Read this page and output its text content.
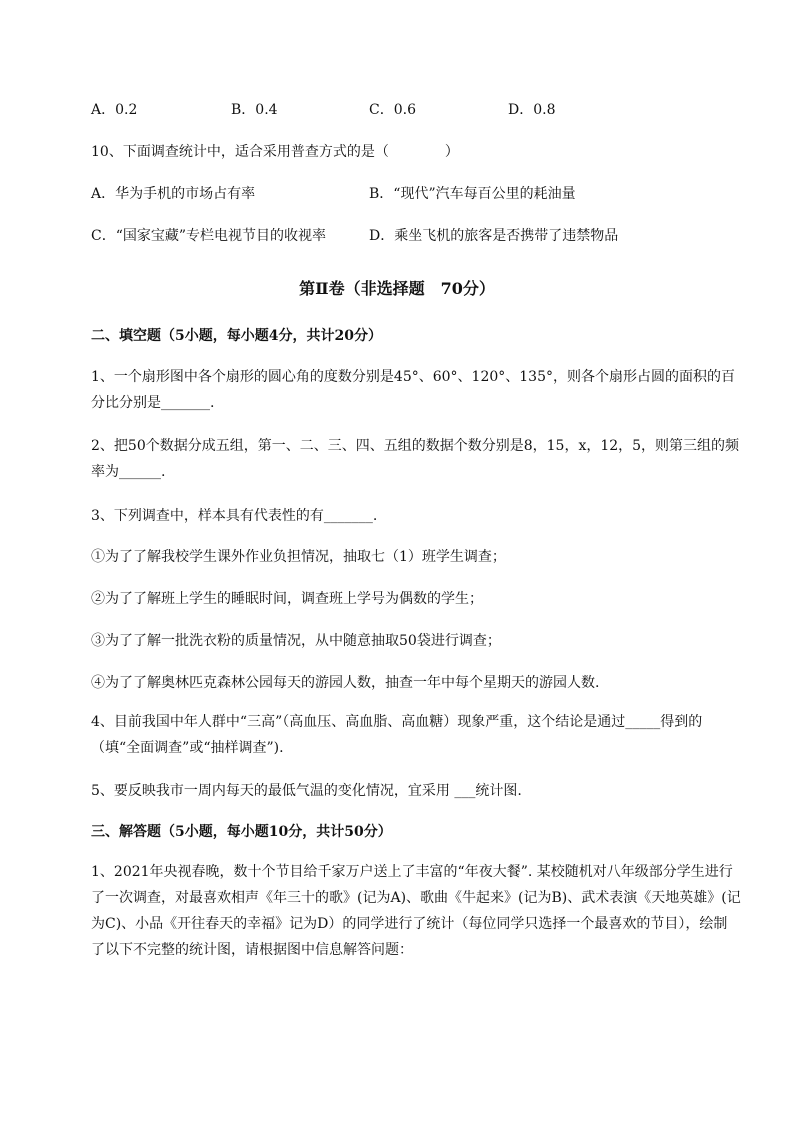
A．0.2	B．0.4	C．0.6	D．0.8
10、下面调查统计中，适合采用普查方式的是（　　　　）
A．华为手机的市场占有率	B．“现代”汽车每百公里的耗油量
C．“国家宝藏”专栏电视节目的收视率	D．乘坐飞机的旅客是否携带了违禁物品
第Ⅱ卷（非选择题　70分）
二、填空题（5小题，每小题4分，共计20分）
1、一个扇形图中各个扇形的圆心角的度数分别是45°、60°、120°、135°，则各个扇形占圆的面积的百分比分别是_______.
2、把50个数据分成五组，第一、二、三、四、五组的数据个数分别是8，15，x，12，5，则第三组的频率为______.
3、下列调查中，样本具有代表性的有_______.
①为了了解我校学生课外作业负担情况，抽取七（1）班学生调查；
②为了了解班上学生的睡眠时间，调查班上学号为偶数的学生；
③为了了解一批洗衣粉的质量情况，从中随意抽取50袋进行调查；
④为了了解奥林匹克森林公园每天的游园人数，抽查一年中每个星期天的游园人数.
4、目前我国中年人群中“三高”（高血压、高血脂、高血糖）现象严重，这个结论是通过_____得到的（填“全面调查”或“抽样调查”).
5、要反映我市一周内每天的最低气温的变化情况，宜采用 ___统计图.
三、解答题（5小题，每小题10分，共计50分）
1、2021年央视春晚，数十个节目给千家万户送上了丰富的“年夜大餐”. 某校随机对八年级部分学生进行了一次调查，对最喜欢相声《年三十的歌》(记为A)、歌曲《牛起来》(记为B)、武术表演《天地英雄》(记为C)、小品《开往春天的幸福》记为D）的同学进行了统计（每位同学只选择一个最喜欢的节目），绘制了以下不完整的统计图，请根据图中信息解答问题：
